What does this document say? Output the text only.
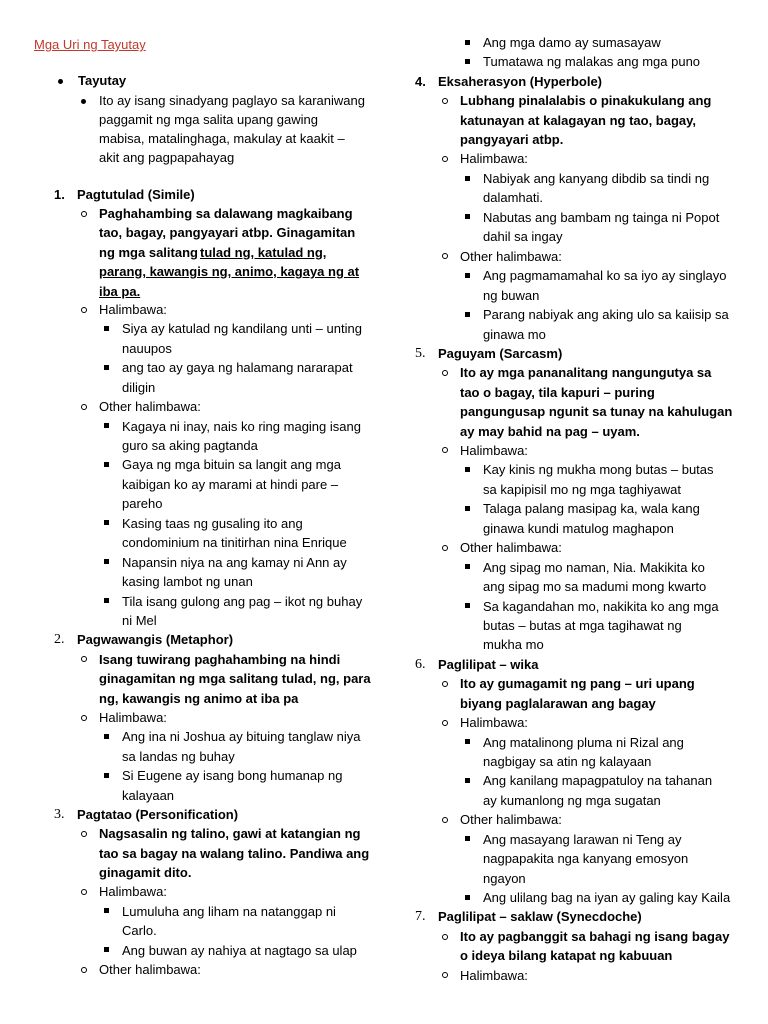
Mga Uri ng Tayutay
Tayutay
Ito ay isang sinadyang paglayo sa karaniwang
paggamit ng mga salita upang gawing
mabisa, matalinghaga, makulay at kaakit –
akit ang pagpapahayag
1. Pagtutulad (Simile)
Paghahambing sa dalawang magkaibang
tao, bagay, pangyayari atbp. Ginagamitan
ng mga salitang tulad ng, katulad ng,
parang, kawangis ng, animo, kagaya ng at
iba pa.
Halimbawa:
Siya ay katulad ng kandilang unti – unting
nauupos
ang tao ay gaya ng halamang nararapat
diligin
Other halimbawa:
Kagaya ni inay, nais ko ring maging isang
guro sa aking pagtanda
Gaya ng mga bituin sa langit ang mga
kaibigan ko ay marami at hindi pare –
pareho
Kasing taas ng gusaling ito ang
condominium na tinitirhan nina Enrique
Napansin niya na ang kamay ni Ann ay
kasing lambot ng unan
Tila isang gulong ang pag – ikot ng buhay
ni Mel
2. Pagwawangis (Metaphor)
Isang tuwirang paghahambing na hindi
ginagamitan ng mga salitang tulad, ng, para
ng, kawangis ng animo at iba pa
Halimbawa:
Ang ina ni Joshua ay bituing tanglaw niya
sa landas ng buhay
Si Eugene ay isang bong humanap ng
kalayaan
3. Pagtatao (Personification)
Nagsasalin ng talino, gawi at katangian ng
tao sa bagay na walang talino. Pandiwa ang
ginagamit dito.
Halimbawa:
Lumuluha ang liham na natanggap ni
Carlo.
Ang buwan ay nahiya at nagtago sa ulap
Other halimbawa:
Ang mga damo ay sumasayaw
Tumatawa ng malakas ang mga puno
4. Eksaherasyon (Hyperbole)
Lubhang pinalalabis o pinakukulang ang
katunayan at kalagayan ng tao, bagay,
pangyayari atbp.
Halimbawa:
Nabiyak ang kanyang dibdib sa tindi ng
dalamhati.
Nabutas ang bambam ng tainga ni Popot
dahil sa ingay
Other halimbawa:
Ang pagmamamahal ko sa iyo ay singlayo
ng buwan
Parang nabiyak ang aking ulo sa kaiisip sa
ginawa mo
5. Paguyam (Sarcasm)
Ito ay mga pananalitang nangungutya sa
tao o bagay, tila kapuri – puring
pangungusap ngunit sa tunay na kahulugan
ay may bahid na pag – uyam.
Halimbawa:
Kay kinis ng mukha mong butas – butas
sa kapipisil mo ng mga taghiyawat
Talaga palang masipag ka, wala kang
ginawa kundi matulog maghapon
Other halimbawa:
Ang sipag mo naman, Nia. Makikita ko
ang sipag mo sa madumi mong kwarto
Sa kagandahan mo, nakikita ko ang mga
butas – butas at mga tagihawat ng
mukha mo
6. Paglilipat – wika
Ito ay gumagamit ng pang – uri upang
biyang paglalarawan ang bagay
Halimbawa:
Ang matalinong pluma ni Rizal ang
nagbigay sa atin ng kalayaan
Ang kanilang mapagpatuloy na tahanan
ay kumanlong ng mga sugatan
Other halimbawa:
Ang masayang larawan ni Teng ay
nagpapakita nga kanyang emosyon
ngayon
Ang ulilang bag na iyan ay galing kay Kaila
7. Paglilipat – saklaw (Synecdoche)
Ito ay pagbanggit sa bahagi ng isang bagay
o ideya bilang katapat ng kabuuan
Halimbawa:
